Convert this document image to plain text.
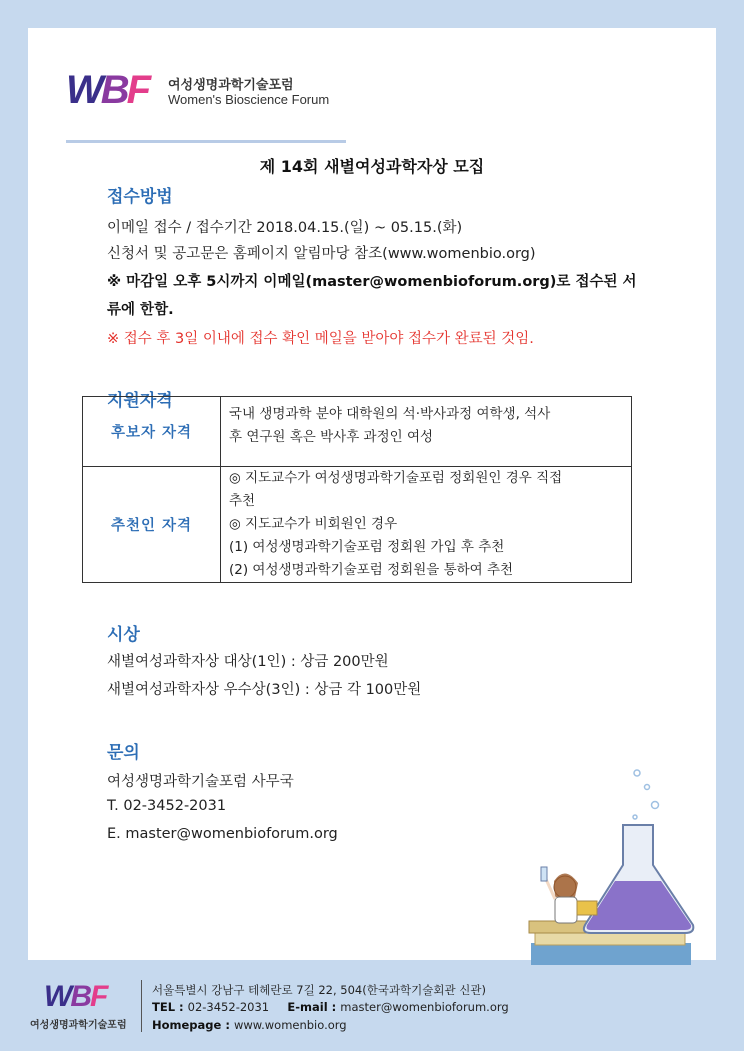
WBF 여성생명과학기술포럼
Women's Bioscience Forum
제 14회 새별여성과학자상 모집
접수방법
이메일 접수 / 접수기간 2018.04.15.(일) ~ 05.15.(화)
신청서 및 공고문은 홈페이지 알림마당 참조(www.womenbio.org)
※ 마감일 오후 5시까지 이메일(master@womenbioforum.org)로 접수된 서
류에 한함.
※ 접수 후 3일 이내에 접수 확인 메일을 받아야 접수가 완료된 것임.
지원자격
후보자 자격
국내 생명과학 분야 대학원의 석·박사과정 여학생, 석사
후 연구원 혹은 박사후 과정인 여성
추천인 자격
◎ 지도교수가 여성생명과학기술포럼 정회원인 경우 직접
추천
◎ 지도교수가 비회원인 경우
(1) 여성생명과학기술포럼 정회원 가입 후 추천
(2) 여성생명과학기술포럼 정회원을 통하여 추천
시상
새별여성과학자상 대상(1인) : 상금 200만원
새별여성과학자상 우수상(3인) : 상금 각 100만원
문의
여성생명과학기술포럼 사무국
T. 02-3452-2031
E. master@womenbioforum.org
WBF
여성생명과학기술포럼
서울특별시 강남구 테헤란로 7길 22, 504(한국과학기술회관 신관)
TEL : 02-3452-2031 E-mail : master@womenbioforum.org
Homepage : www.womenbio.org
